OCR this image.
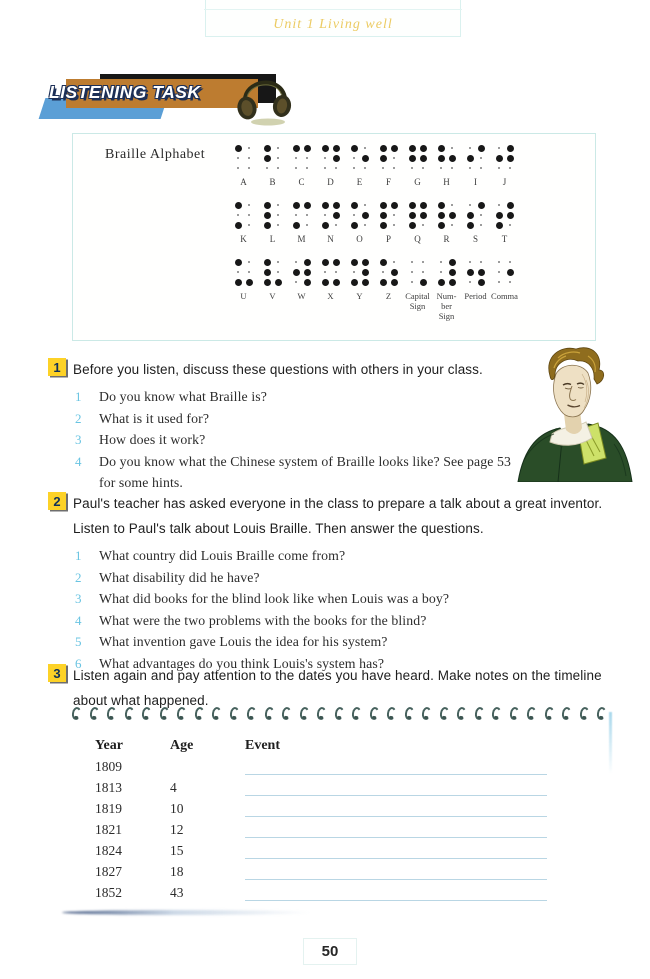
Unit 1 Living well
LISTENING TASK
Braille Alphabet
A	B	C	D	E	F	G	H	I	J
K	L M N	O	P	Q	R	S	T
U	V	W	X	Y	Z Capital
Sign
Num-
ber
Sign
Period Comma
1 Before you listen, discuss these questions with others in your class.
1	Do you know what Braille is?
2	What is it used for?
3	How does it work?
4	Do you know what the Chinese system of Braille looks like? See page 53 for some hints.
2 Paul's teacher has asked everyone in the class to prepare a talk about a great inventor. Listen to Paul's talk about Louis Braille. Then answer the questions.
1	What country did Louis Braille come from?
2	What disability did he have?
3	What did books for the blind look like when Louis was a boy?
4	What were the two problems with the books for the blind?
5	What invention gave Louis the idea for his system?
6	What advantages do you think Louis's system has?
3 Listen again and pay attention to the dates you have heard. Make notes on the timeline about what happened.
Year	Age	Event
1809
1813	4
1819	10
1821	12
1824	15
1827	18
1852	43
50
